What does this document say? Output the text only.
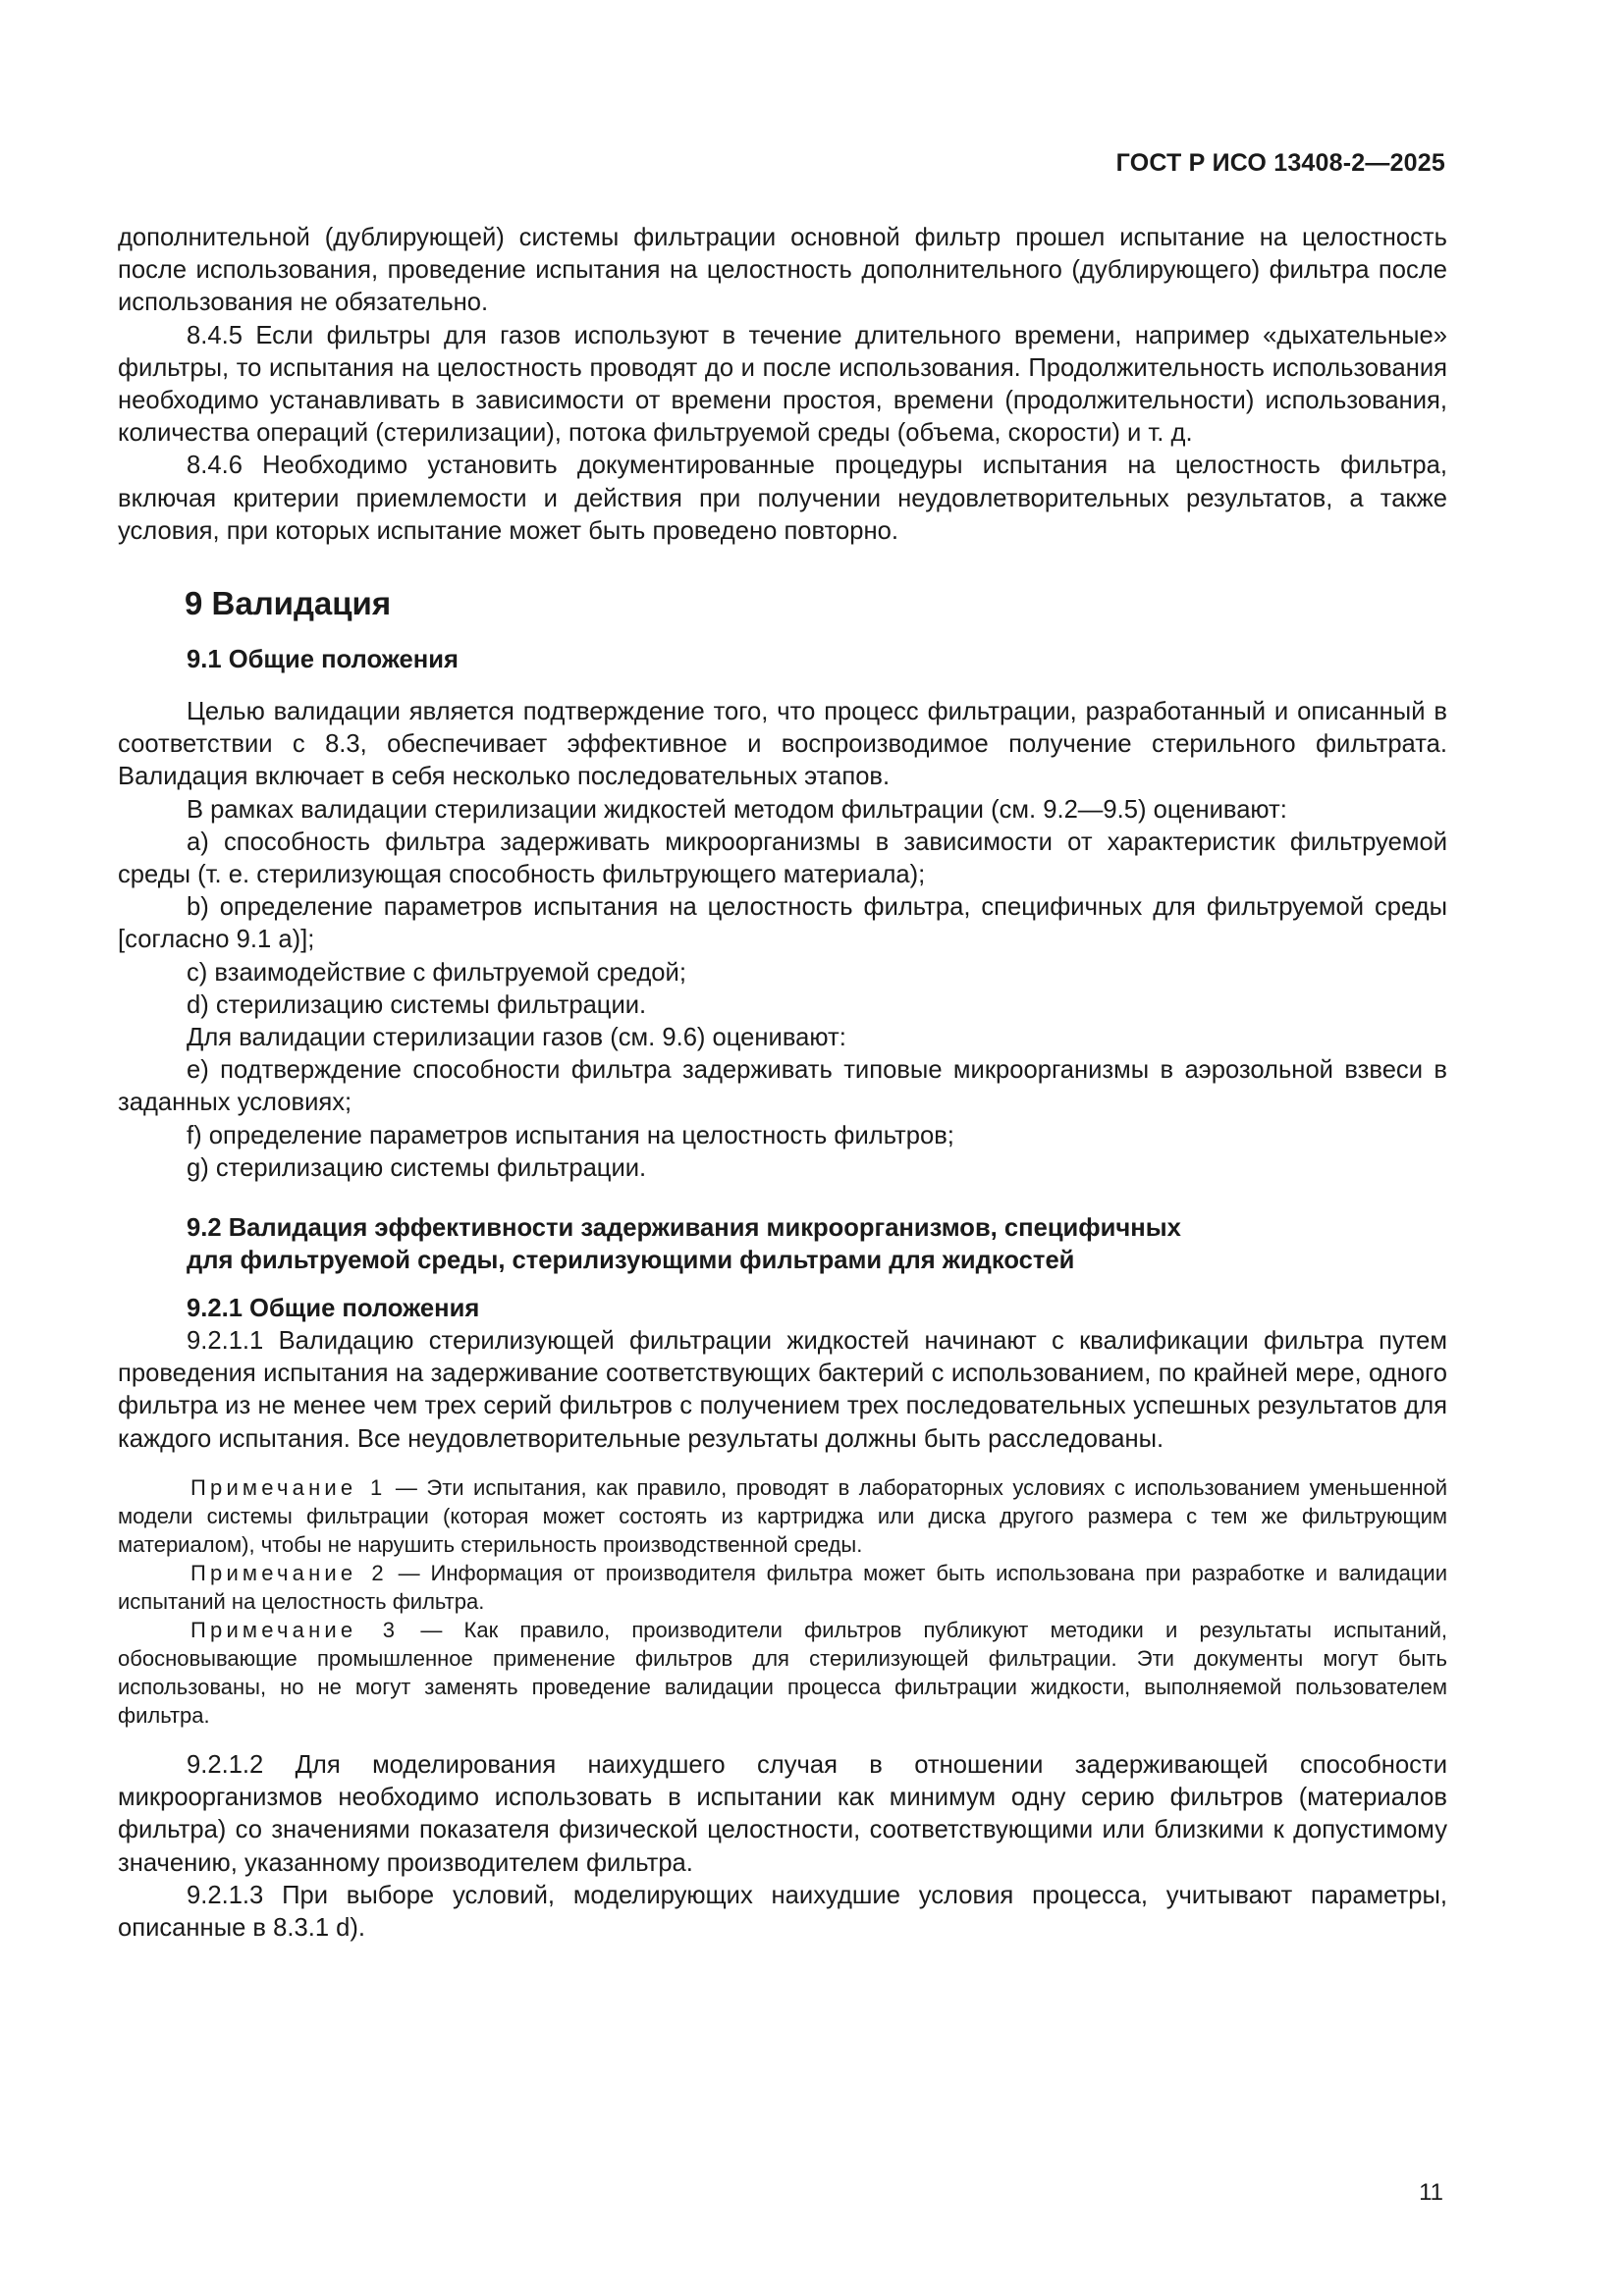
ГОСТ Р ИСО 13408-2—2025

дополнительной (дублирующей) системы фильтрации основной фильтр прошел испытание на целостность после использования, проведение испытания на целостность дополнительного (дублирующего) фильтра после использования не обязательно.

8.4.5 Если фильтры для газов используют в течение длительного времени, например «дыхательные» фильтры, то испытания на целостность проводят до и после использования. Продолжительность использования необходимо устанавливать в зависимости от времени простоя, времени (продолжительности) использования, количества операций (стерилизации), потока фильтруемой среды (объема, скорости) и т. д.

8.4.6 Необходимо установить документированные процедуры испытания на целостность фильтра, включая критерии приемлемости и действия при получении неудовлетворительных результатов, а также условия, при которых испытание может быть проведено повторно.

9 Валидация
9.1 Общие положения

Целью валидации является подтверждение того, что процесс фильтрации, разработанный и описанный в соответствии с 8.3, обеспечивает эффективное и воспроизводимое получение стерильного фильтрата. Валидация включает в себя несколько последовательных этапов.

В рамках валидации стерилизации жидкостей методом фильтрации (см. 9.2—9.5) оценивают:

a) способность фильтра задерживать микроорганизмы в зависимости от характеристик фильтруемой среды (т. е. стерилизующая способность фильтрующего материала);

b) определение параметров испытания на целостность фильтра, специфичных для фильтруемой среды [согласно 9.1 а)];

c) взаимодействие с фильтруемой средой;

d) стерилизацию системы фильтрации.

Для валидации стерилизации газов (см. 9.6) оценивают:

e) подтверждение способности фильтра задерживать типовые микроорганизмы в аэрозольной взвеси в заданных условиях;

f) определение параметров испытания на целостность фильтров;

g) стерилизацию системы фильтрации.

9.2 Валидация эффективности задерживания микроорганизмов, специфичных
для фильтруемой среды, стерилизующими фильтрами для жидкостей
9.2.1 Общие положения

9.2.1.1 Валидацию стерилизующей фильтрации жидкостей начинают с квалификации фильтра путем проведения испытания на задерживание соответствующих бактерий с использованием, по крайней мере, одного фильтра из не менее чем трех серий фильтров с получением трех последовательных успешных результатов для каждого испытания. Все неудовлетворительные результаты должны быть расследованы.

Примечание 1 — Эти испытания, как правило, проводят в лабораторных условиях с использованием уменьшенной модели системы фильтрации (которая может состоять из картриджа или диска другого размера с тем же фильтрующим материалом), чтобы не нарушить стерильность производственной среды.

Примечание 2 — Информация от производителя фильтра может быть использована при разработке и валидации испытаний на целостность фильтра.

Примечание 3 — Как правило, производители фильтров публикуют методики и результаты испытаний, обосновывающие промышленное применение фильтров для стерилизующей фильтрации. Эти документы могут быть использованы, но не могут заменять проведение валидации процесса фильтрации жидкости, выполняемой пользователем фильтра.

9.2.1.2 Для моделирования наихудшего случая в отношении задерживающей способности микроорганизмов необходимо использовать в испытании как минимум одну серию фильтров (материалов фильтра) со значениями показателя физической целостности, соответствующими или близкими к допустимому значению, указанному производителем фильтра.

9.2.1.3 При выборе условий, моделирующих наихудшие условия процесса, учитывают параметры, описанные в 8.3.1 d).

11
